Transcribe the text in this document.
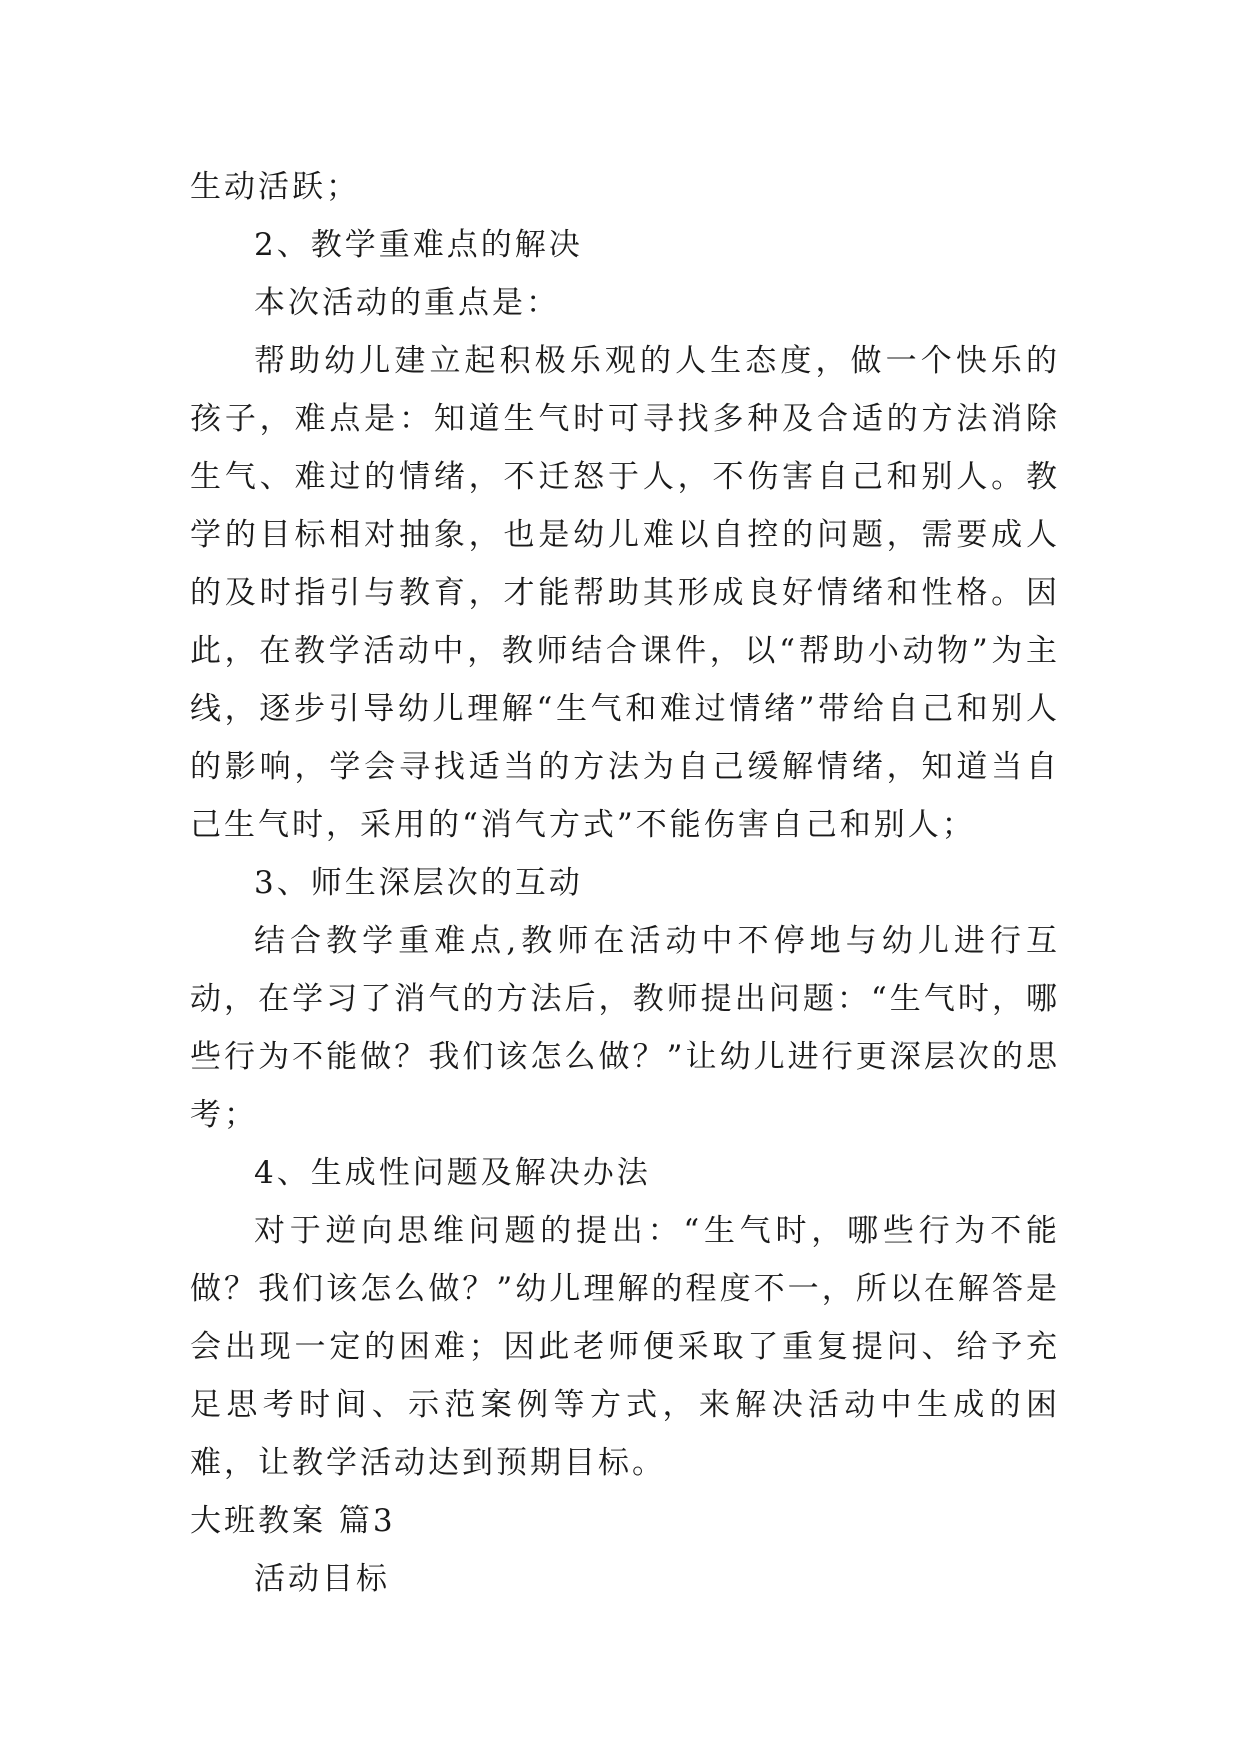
生动活跃；

2、教学重难点的解决

本次活动的重点是：

帮助幼儿建立起积极乐观的人生态度，做一个快乐的孩子，难点是：知道生气时可寻找多种及合适的方法消除生气、难过的情绪，不迁怒于人，不伤害自己和别人。教学的目标相对抽象，也是幼儿难以自控的问题，需要成人的及时指引与教育，才能帮助其形成良好情绪和性格。因此，在教学活动中，教师结合课件，以“帮助小动物”为主线，逐步引导幼儿理解“生气和难过情绪”带给自己和别人的影响，学会寻找适当的方法为自己缓解情绪，知道当自己生气时，采用的“消气方式”不能伤害自己和别人；

3、师生深层次的互动

结合教学重难点,教师在活动中不停地与幼儿进行互动，在学习了消气的方法后，教师提出问题：“生气时，哪些行为不能做？我们该怎么做？”让幼儿进行更深层次的思考；

4、生成性问题及解决办法

对于逆向思维问题的提出：“生气时，哪些行为不能做？我们该怎么做？”幼儿理解的程度不一，所以在解答是会出现一定的困难；因此老师便采取了重复提问、给予充足思考时间、示范案例等方式，来解决活动中生成的困难，让教学活动达到预期目标。

大班教案 篇3

活动目标
